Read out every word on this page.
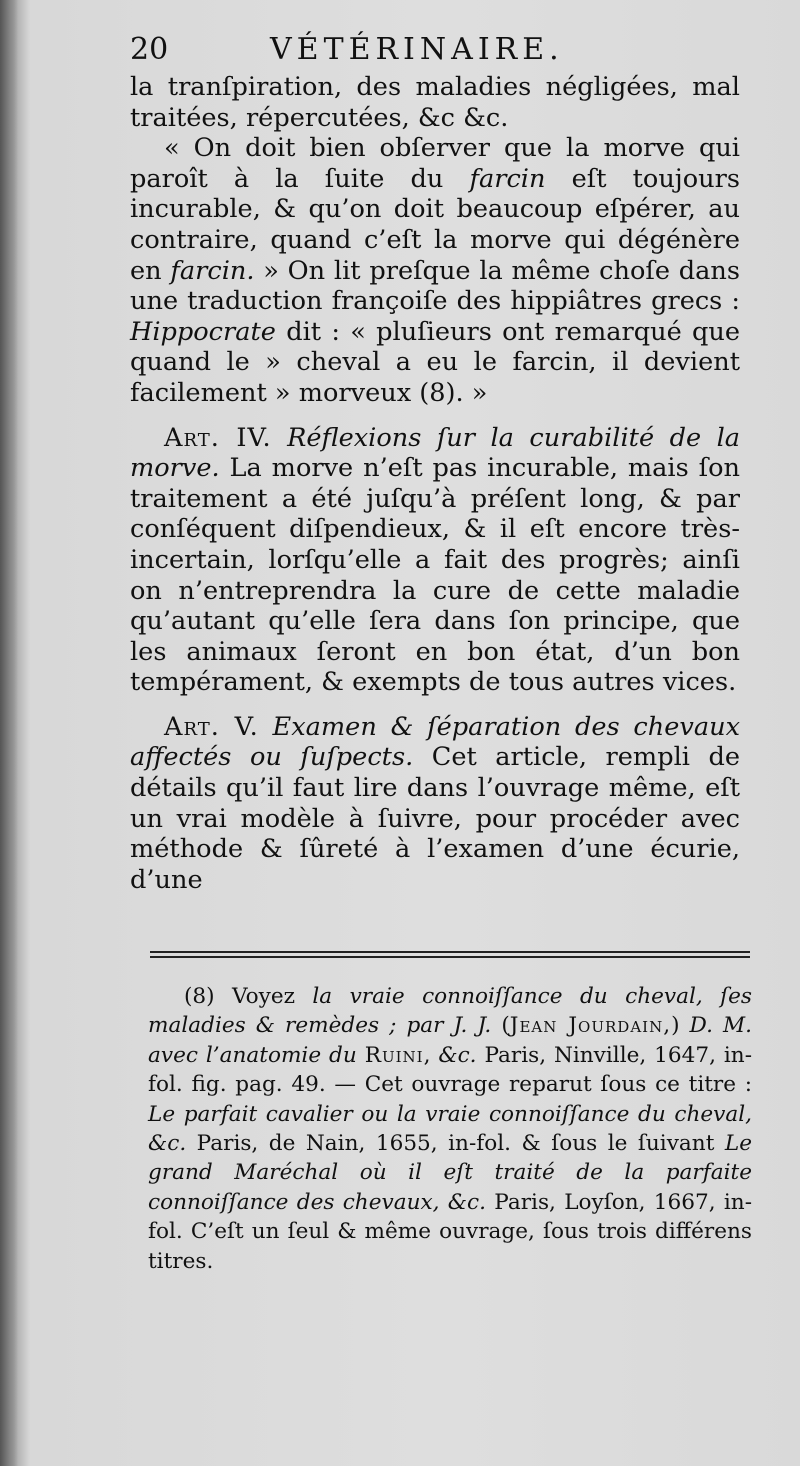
20	VÉTÉRINAIRE.

la tranſpiration, des maladies négligées, mal traitées, répercutées, &c &c.

« On doit bien obſerver que la morve qui paroît à la ſuite du farcin eſt toujours incurable, & qu’on doit beaucoup eſpérer, au contraire, quand c’eſt la morve qui dégénère en farcin. » On lit preſque la même choſe dans une traduction françoiſe des hippiâtres grecs : Hippocrate dit : « pluſieurs ont remarqué que quand le » cheval a eu le farcin, il devient facilement » morveux (8). »

Art. IV. Réflexions ſur la curabilité de la morve. La morve n’eſt pas incurable, mais ſon traitement a été juſqu’à préſent long, & par conſéquent diſpendieux, & il eſt encore très-incertain, lorſqu’elle a fait des progrès; ainſi on n’entreprendra la cure de cette maladie qu’autant qu’elle ſera dans ſon principe, que les animaux ſeront en bon état, d’un bon tempérament, & exempts de tous autres vices.

Art. V. Examen & ſéparation des chevaux affectés ou ſuſpects. Cet article, rempli de détails qu’il faut lire dans l’ouvrage même, eſt un vrai modèle à ſuivre, pour procéder avec méthode & ſûreté à l’examen d’une écurie, d’une

(8) Voyez la vraie connoiſſance du cheval, ſes maladies & remèdes ; par J. J. (Jean Jourdain,) D. M. avec l’anatomie du Ruini, &c. Paris, Ninville, 1647, in-fol. fig. pag. 49. — Cet ouvrage reparut ſous ce titre : Le parfait cavalier ou la vraie connoiſſance du cheval, &c. Paris, de Nain, 1655, in-fol. & ſous le ſuivant Le grand Maréchal où il eſt traité de la parfaite connoiſſance des chevaux, &c. Paris, Loyſon, 1667, in-fol. C’eſt un ſeul & même ouvrage, ſous trois différens titres.
